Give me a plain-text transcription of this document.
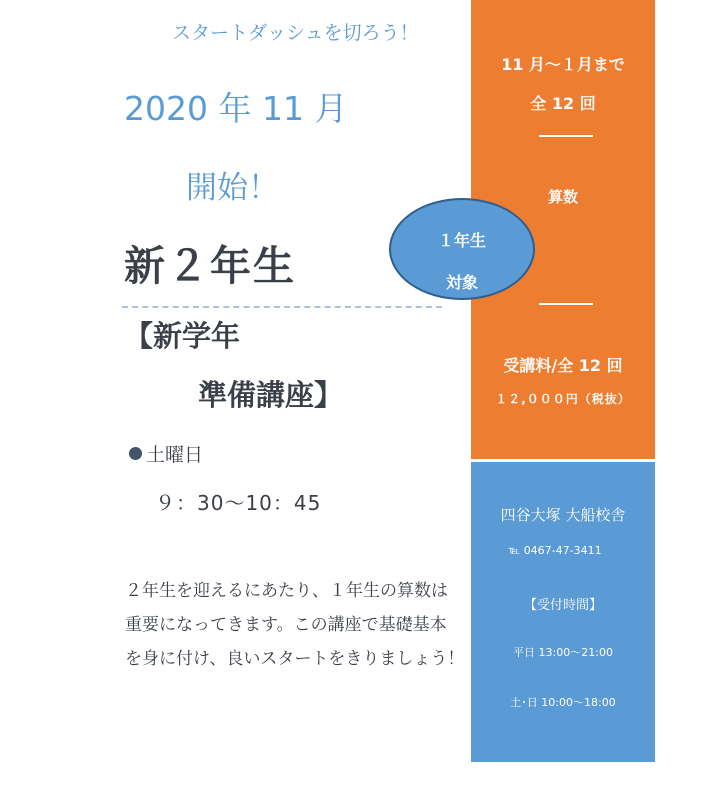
スタートダッシュを切ろう！
2020 年 11 月
開始！
新２年生
【新学年
準備講座】
土曜日
９：30〜10：45
２年生を迎えるにあたり、１年生の算数は
重要になってきます。この講座で基礎基本
を身に付け、良いスタートをきりましょう！
11 月〜１月まで
全 12 回
算数
受講料/全 12 回
１２,０００円（税抜）
四谷大塚 大船校舎
℡ 0467-47-3411
【受付時間】
平日 13:00〜21:00
土･日 10:00〜18:00
１年生
対象
